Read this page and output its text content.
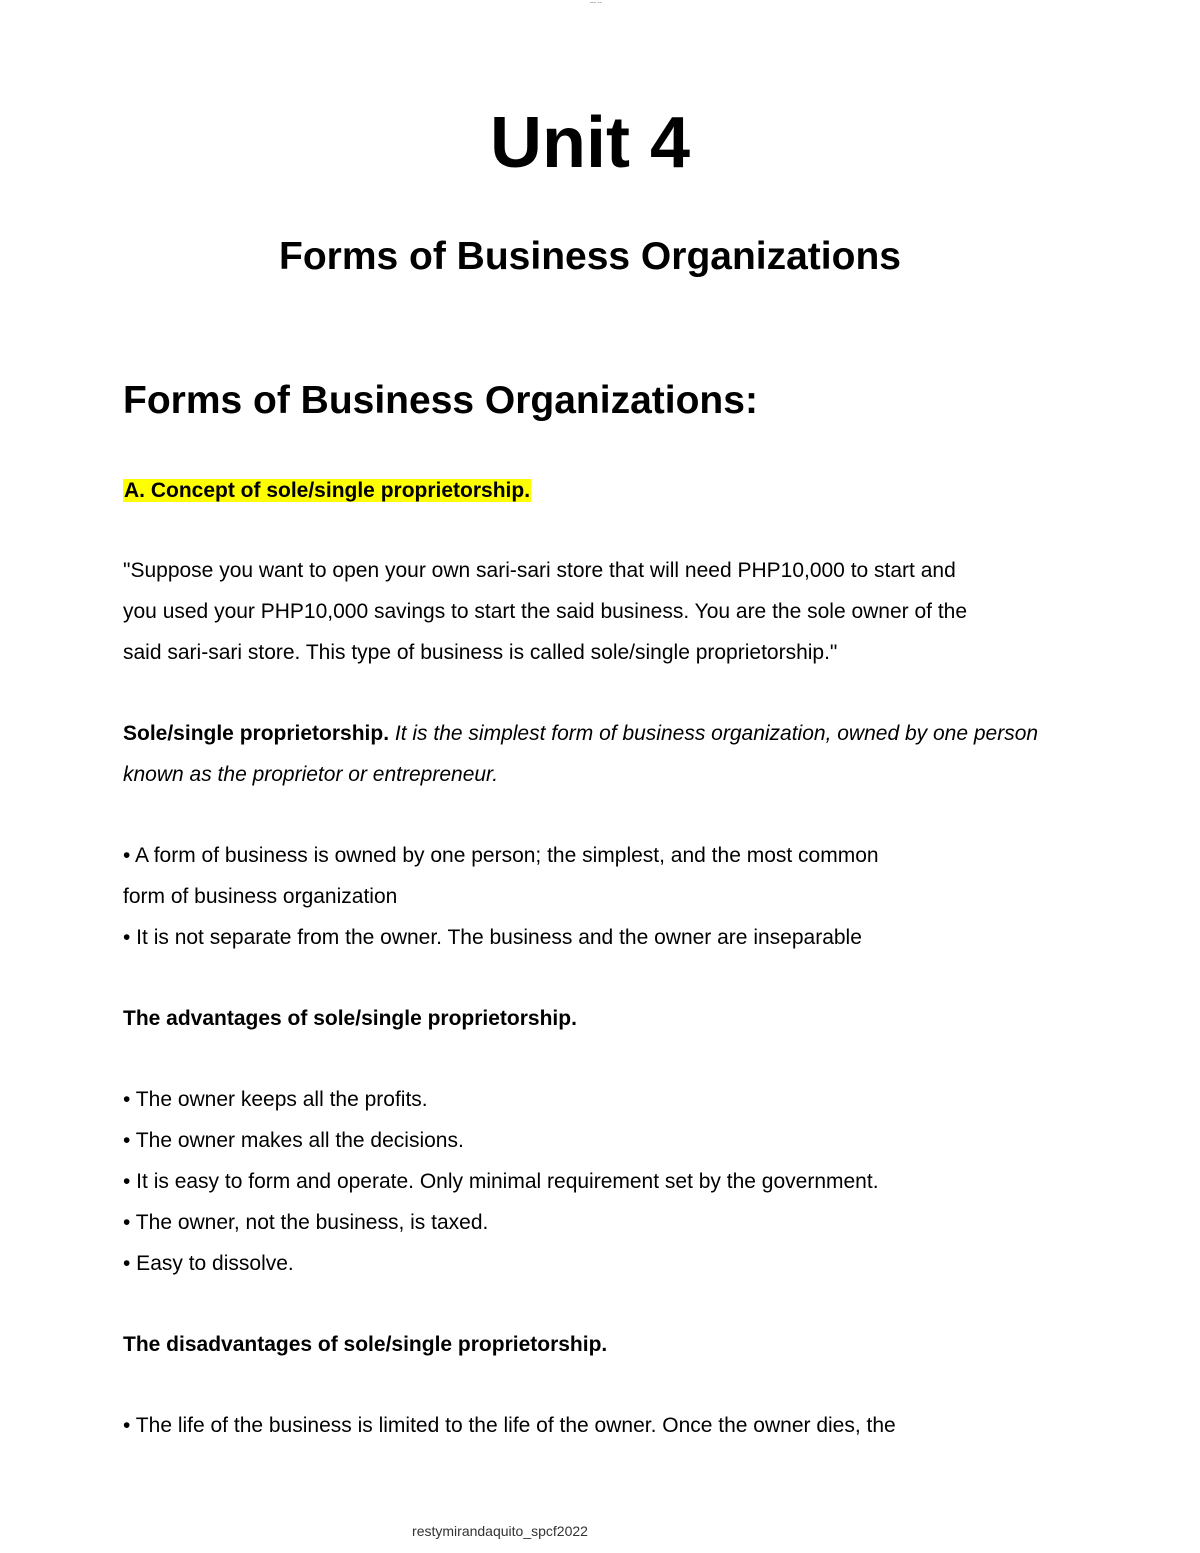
--- --
Unit 4
Forms of Business Organizations
Forms of Business Organizations:
A. Concept of sole/single proprietorship.

"Suppose you want to open your own sari-sari store that will need PHP10,000 to start and

you used your PHP10,000 savings to start the said business. You are the sole owner of the

said sari-sari store. This type of business is called sole/single proprietorship."

Sole/single proprietorship. It is the simplest form of business organization, owned by one person

known as the proprietor or entrepreneur.

• A form of business is owned by one person; the simplest, and the most common

form of business organization

• It is not separate from the owner. The business and the owner are inseparable

The advantages of sole/single proprietorship.

• The owner keeps all the profits.

• The owner makes all the decisions.

• It is easy to form and operate. Only minimal requirement set by the government.

• The owner, not the business, is taxed.

• Easy to dissolve.

The disadvantages of sole/single proprietorship.

• The life of the business is limited to the life of the owner. Once the owner dies, the

restymirandaquito_spcf2022
